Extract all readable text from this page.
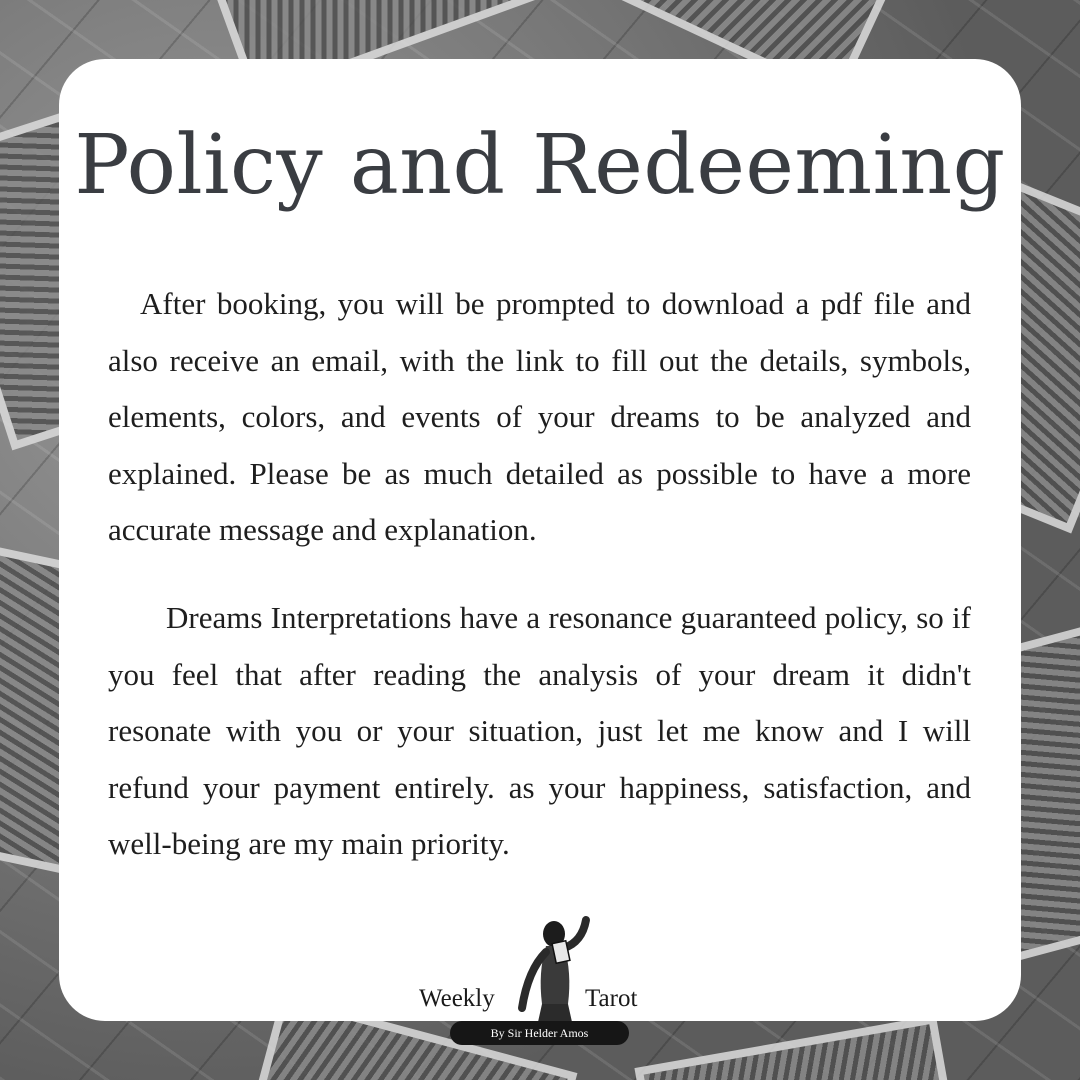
Policy and Redeeming

After booking, you will be prompted to download a pdf file and also receive an email, with the link to fill out the details, symbols, elements, colors, and events of your dreams to be analyzed and explained. Please be as much detailed as possible to have a more accurate message and explanation.

Dreams Interpretations have a resonance guaranteed policy, so if you feel that after reading the analysis of your dream it didn't resonate with you or your situation, just let me know and I will refund your payment entirely. as your happiness, satisfaction, and well-being are my main priority.

Weekly	Tarot
By Sir Helder Amos
